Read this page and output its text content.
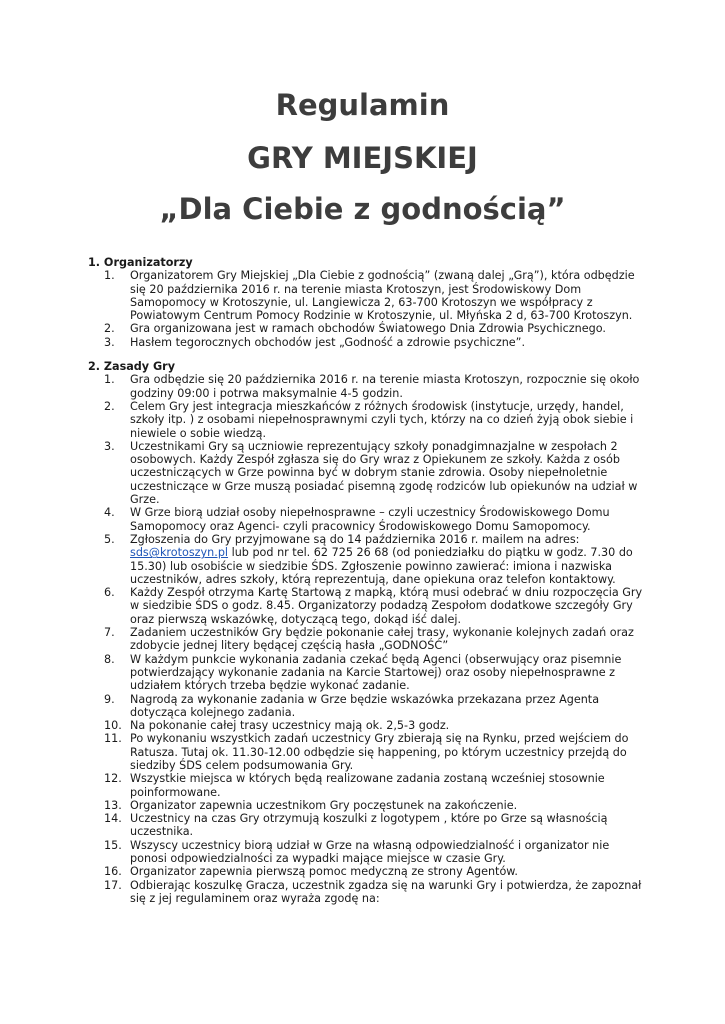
Regulamin
GRY MIEJSKIEJ
„Dla Ciebie z godnością”
1. Organizatorzy
1.	Organizatorem Gry Miejskiej „Dla Ciebie z godnością” (zwaną dalej „Grą”), która odbędzie
się 20 października 2016 r. na terenie miasta Krotoszyn, jest Środowiskowy Dom
Samopomocy w Krotoszynie, ul. Langiewicza 2, 63-700 Krotoszyn we współpracy z
Powiatowym Centrum Pomocy Rodzinie w Krotoszynie, ul. Młyńska 2 d, 63-700 Krotoszyn.
2.	Gra organizowana jest w ramach obchodów Światowego Dnia Zdrowia Psychicznego.
3.	Hasłem tegorocznych obchodów jest „Godność a zdrowie psychiczne”.
2. Zasady Gry
1.	Gra odbędzie się 20 października 2016 r. na terenie miasta Krotoszyn, rozpocznie się około
godziny 09:00 i potrwa maksymalnie 4-5 godzin.
2.	Celem Gry jest integracja mieszkańców z różnych środowisk (instytucje, urzędy, handel,
szkoły itp. ) z osobami niepełnosprawnymi czyli tych, którzy na co dzień żyją obok siebie i
niewiele o sobie wiedzą.
3.	Uczestnikami Gry są uczniowie reprezentujący szkoły ponadgimnazjalne w zespołach 2
osobowych. Każdy Zespół zgłasza się do Gry wraz z Opiekunem ze szkoły. Każda z osób
uczestniczących w Grze powinna być w dobrym stanie zdrowia. Osoby niepełnoletnie
uczestniczące w Grze muszą posiadać pisemną zgodę rodziców lub opiekunów na udział w
Grze.
4.	W Grze biorą udział osoby niepełnosprawne – czyli uczestnicy Środowiskowego Domu
Samopomocy oraz Agenci- czyli pracownicy Środowiskowego Domu Samopomocy.
5.	Zgłoszenia do Gry przyjmowane są do 14 października 2016 r. mailem na adres:
sds@krotoszyn.pl lub pod nr tel. 62 725 26 68 (od poniedziałku do piątku w godz. 7.30 do
15.30) lub osobiście w siedzibie ŚDS. Zgłoszenie powinno zawierać: imiona i nazwiska
uczestników, adres szkoły, którą reprezentują, dane opiekuna oraz telefon kontaktowy.
6.	Każdy Zespół otrzyma Kartę Startową z mapką, którą musi odebrać w dniu rozpoczęcia Gry
w siedzibie ŚDS o godz. 8.45. Organizatorzy podadzą Zespołom dodatkowe szczegóły Gry
oraz pierwszą wskazówkę, dotyczącą tego, dokąd iść dalej.
7.	Zadaniem uczestników Gry będzie pokonanie całej trasy, wykonanie kolejnych zadań oraz
zdobycie jednej litery będącej częścią hasła „GODNOŚĆ”
8.	W każdym punkcie wykonania zadania czekać będą Agenci (obserwujący oraz pisemnie
potwierdzający wykonanie zadania na Karcie Startowej) oraz osoby niepełnosprawne z
udziałem których trzeba będzie wykonać zadanie.
9.	Nagrodą za wykonanie zadania w Grze będzie wskazówka przekazana przez Agenta
dotycząca kolejnego zadania.
10. Na pokonanie całej trasy uczestnicy mają ok. 2,5-3 godz.
11. Po wykonaniu wszystkich zadań uczestnicy Gry zbierają się na Rynku, przed wejściem do
Ratusza. Tutaj ok. 11.30-12.00 odbędzie się happening, po którym uczestnicy przejdą do
siedziby ŚDS celem podsumowania Gry.
12. Wszystkie miejsca w których będą realizowane zadania zostaną wcześniej stosownie
poinformowane.
13. Organizator zapewnia uczestnikom Gry poczęstunek na zakończenie.
14. Uczestnicy na czas Gry otrzymują koszulki z logotypem , które po Grze są własnością
uczestnika.
15. Wszyscy uczestnicy biorą udział w Grze na własną odpowiedzialność i organizator nie
ponosi odpowiedzialności za wypadki mające miejsce w czasie Gry.
16. Organizator zapewnia pierwszą pomoc medyczną ze strony Agentów.
17. Odbierając koszulkę Gracza, uczestnik zgadza się na warunki Gry i potwierdza, że zapoznał
się z jej regulaminem oraz wyraża zgodę na:
